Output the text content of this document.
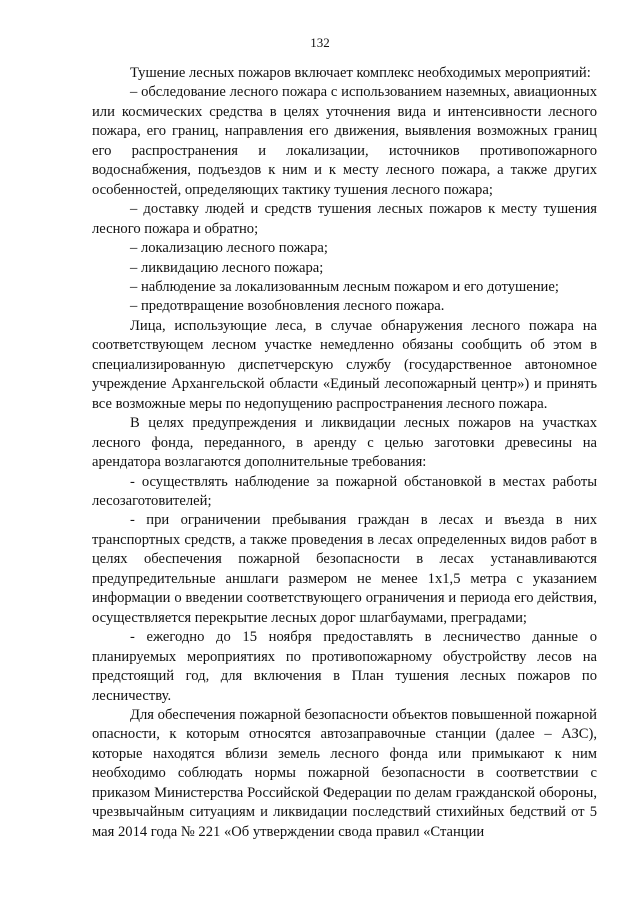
132

Тушение лесных пожаров включает комплекс необходимых мероприятий:

– обследование лесного пожара с использованием наземных, авиационных или космических средства в целях уточнения вида и интенсивности лесного пожара, его границ, направления его движения, выявления возможных границ его распространения и локализации, источников противопожарного водоснабжения, подъездов к ним и к месту лесного пожара, а также других особенностей, определяющих тактику тушения лесного пожара;

– доставку людей и средств тушения лесных пожаров к месту тушения лесного пожара и обратно;

– локализацию лесного пожара;

– ликвидацию лесного пожара;

– наблюдение за локализованным лесным пожаром и его дотушение;

– предотвращение возобновления лесного пожара.

Лица, использующие леса, в случае обнаружения лесного пожара на соответствующем лесном участке немедленно обязаны сообщить об этом в специализированную диспетчерскую службу (государственное автономное учреждение Архангельской области «Единый лесопожарный центр») и принять все возможные меры по недопущению распространения лесного пожара.

В целях предупреждения и ликвидации лесных пожаров на участках лесного фонда, переданного, в аренду с целью заготовки древесины на арендатора возлагаются дополнительные требования:

- осуществлять наблюдение за пожарной обстановкой в местах работы лесозаготовителей;

- при ограничении пребывания граждан в лесах и въезда в них транспортных средств, а также проведения в лесах определенных видов работ в целях обеспечения пожарной безопасности в лесах устанавливаются предупредительные аншлаги размером не менее 1х1,5 метра с указанием информации о введении соответствующего ограничения и периода его действия, осуществляется перекрытие лесных дорог шлагбаумами, преградами;

- ежегодно до 15 ноября предоставлять в лесничество данные о планируемых мероприятиях по противопожарному обустройству лесов на предстоящий год, для включения в План тушения лесных пожаров по лесничеству.

Для обеспечения пожарной безопасности объектов повышенной пожарной опасности, к которым относятся автозаправочные станции (далее – АЗС), которые находятся вблизи земель лесного фонда или примыкают к ним необходимо соблюдать нормы пожарной безопасности в соответствии с приказом Министерства Российской Федерации по делам гражданской обороны, чрезвычайным ситуациям и ликвидации последствий стихийных бедствий от 5 мая 2014 года № 221 «Об утверждении свода правил «Станции
